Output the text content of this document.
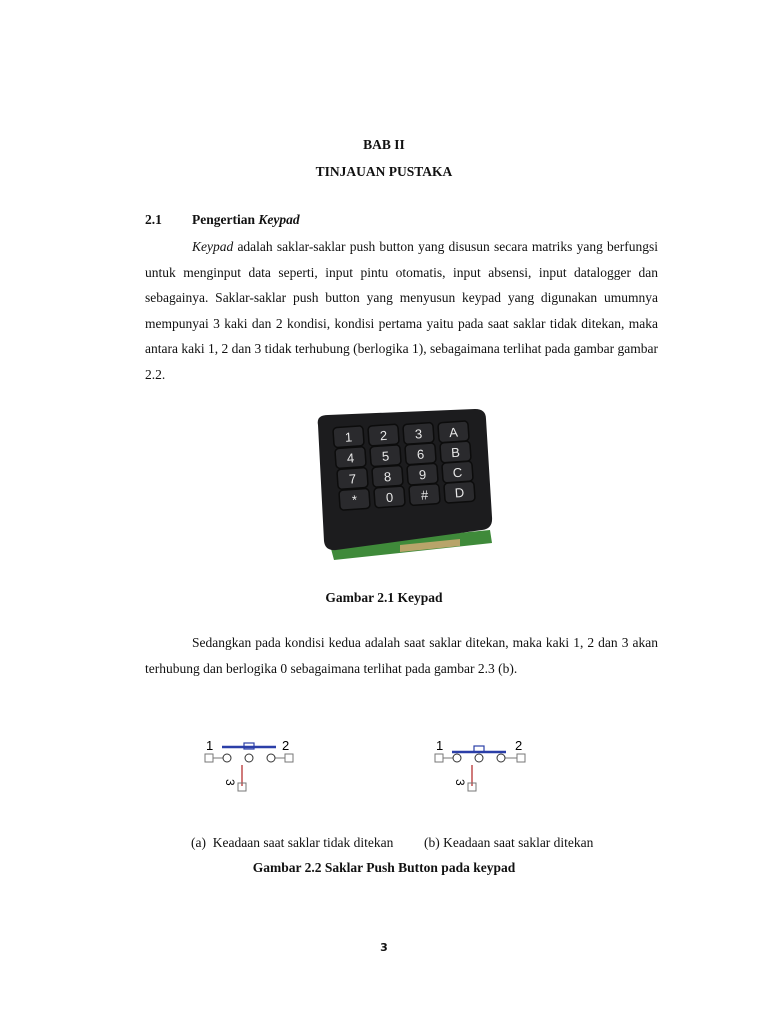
BAB II
TINJAUAN PUSTAKA
2.1 Pengertian Keypad
Keypad adalah saklar-saklar push button yang disusun secara matriks yang berfungsi untuk menginput data seperti, input pintu otomatis, input absensi, input datalogger dan sebagainya. Saklar-saklar push button yang menyusun keypad yang digunakan umumnya mempunyai 3 kaki dan 2 kondisi, kondisi pertama yaitu pada saat saklar tidak ditekan, maka antara kaki 1, 2 dan 3 tidak terhubung (berlogika 1), sebagaimana terlihat pada gambar gambar 2.2.
1 2 3 A
4 5 6 B
7 8 9 C
* 0 # D
Gambar 2.1 Keypad
Sedangkan pada kondisi kedua adalah saat saklar ditekan, maka kaki 1, 2 dan 3 akan terhubung dan berlogika 0 sebagaimana terlihat pada gambar 2.3 (b).
1	2
3
1	2
3
(a)  Keadaan saat saklar tidak ditekan (b) Keadaan saat saklar ditekan
Gambar 2.2 Saklar Push Button pada keypad
3
